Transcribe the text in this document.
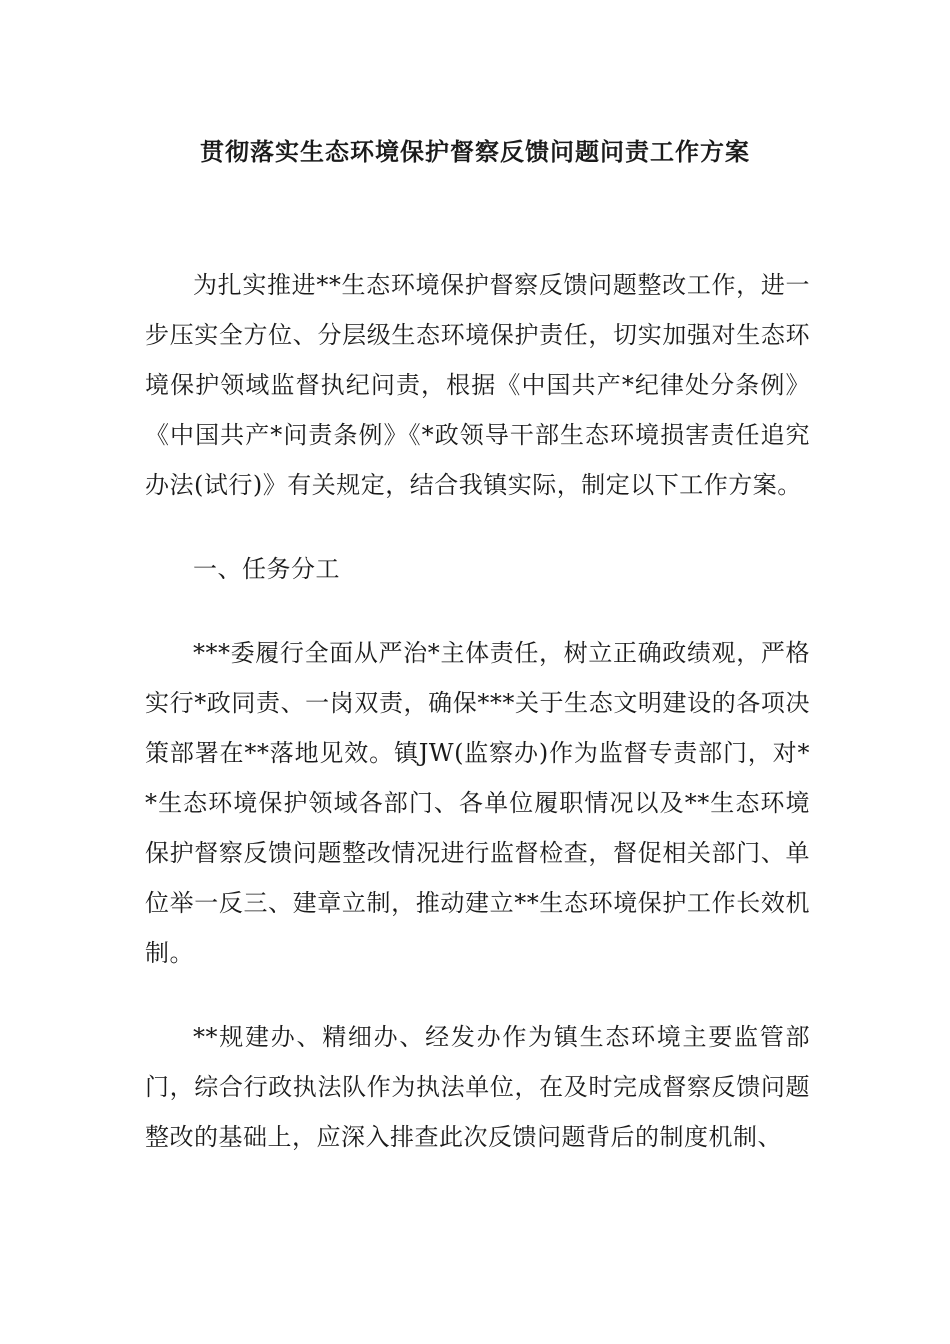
贯彻落实生态环境保护督察反馈问题问责工作方案

为扎实推进**生态环境保护督察反馈问题整改工作，进一步压实全方位、分层级生态环境保护责任，切实加强对生态环境保护领域监督执纪问责，根据《中国共产*纪律处分条例》《中国共产*问责条例》《*政领导干部生态环境损害责任追究办法(试行)》有关规定，结合我镇实际，制定以下工作方案。

一、任务分工

***委履行全面从严治*主体责任，树立正确政绩观，严格实行*政同责、一岗双责，确保***关于生态文明建设的各项决策部署在**落地见效。镇JW(监察办)作为监督专责部门，对**生态环境保护领域各部门、各单位履职情况以及**生态环境保护督察反馈问题整改情况进行监督检查，督促相关部门、单位举一反三、建章立制，推动建立**生态环境保护工作长效机制。

**规建办、精细办、经发办作为镇生态环境主要监管部门，综合行政执法队作为执法单位，在及时完成督察反馈问题整改的基础上，应深入排查此次反馈问题背后的制度机制、
